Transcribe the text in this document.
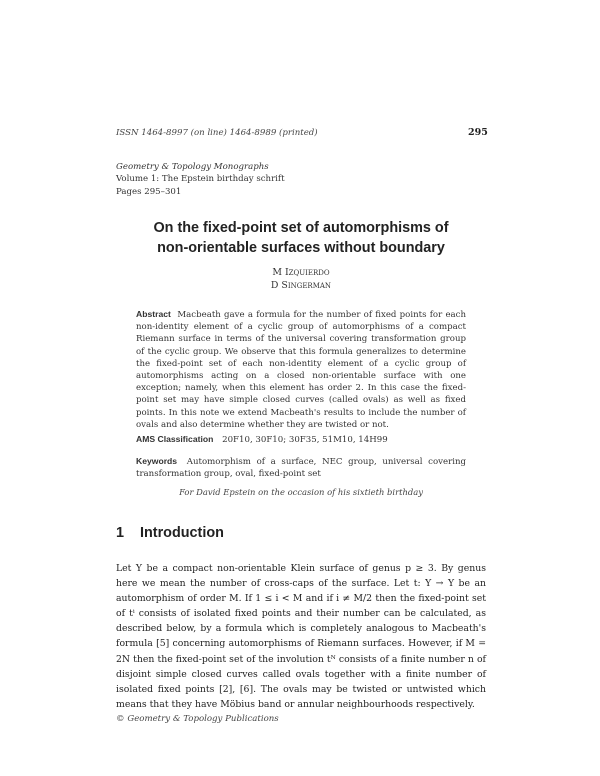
ISSN 1464-8997 (on line) 1464-8989 (printed)	295
Geometry & Topology Monographs
Volume 1: The Epstein birthday schrift
Pages 295–301
On the fixed-point set of automorphisms of
non-orientable surfaces without boundary
M Izquierdo
D Singerman
Abstract Macbeath gave a formula for the number of fixed points for each non-identity element of a cyclic group of automorphisms of a compact Riemann surface in terms of the universal covering transformation group of the cyclic group. We observe that this formula generalizes to determine the fixed-point set of each non-identity element of a cyclic group of automorphisms acting on a closed non-orientable surface with one exception; namely, when this element has order 2. In this case the fixed-point set may have simple closed curves (called ovals) as well as fixed points. In this note we extend Macbeath's results to include the number of ovals and also determine whether they are twisted or not.
AMS Classification 20F10, 30F10; 30F35, 51M10, 14H99
Keywords Automorphism of a surface, NEC group, universal covering transformation group, oval, fixed-point set
For David Epstein on the occasion of his sixtieth birthday
1 Introduction
Let Y be a compact non-orientable Klein surface of genus p ≥ 3. By genus here we mean the number of cross-caps of the surface. Let t: Y → Y be an automorphism of order M. If 1 ≤ i < M and if i ≠ M/2 then the fixed-point set of tⁱ consists of isolated fixed points and their number can be calculated, as described below, by a formula which is completely analogous to Macbeath's formula [5] concerning automorphisms of Riemann surfaces. However, if M = 2N then the fixed-point set of the involution tᴺ consists of a finite number n of disjoint simple closed curves called ovals together with a finite number of isolated fixed points [2], [6]. The ovals may be twisted or untwisted which means that they have Möbius band or annular neighbourhoods respectively.
© Geometry & Topology Publications
